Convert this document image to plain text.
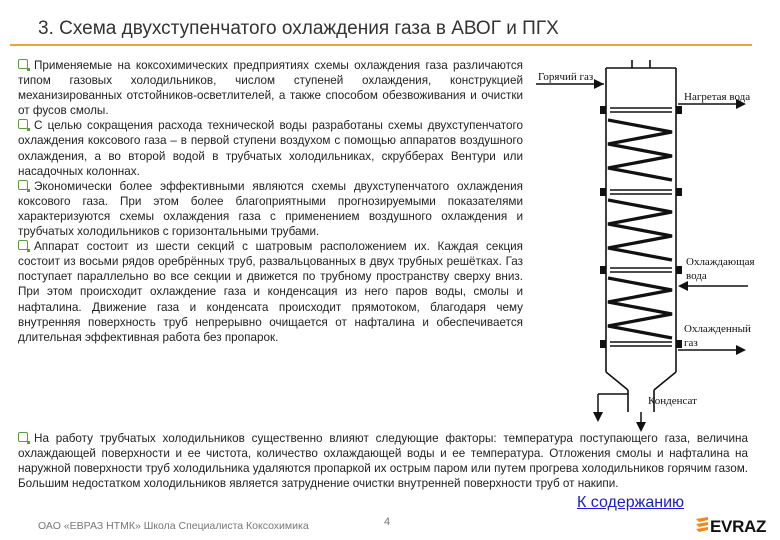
3. Схема двухступенчатого охлаждения газа в АВОГ и ПГХ

Применяемые на коксохимических предприятиях схемы охлаждения газа различаются типом газовых холодильников, числом ступеней охлаждения, конструкцией механизированных отстойников-осветлителей, а также способом обезвоживания и очистки от фусов смолы.

С целью сокращения расхода технической воды разработаны схемы двухступенчатого охлаждения коксового газа – в первой ступени воздухом с помощью аппаратов воздушного охлаждения, а во второй водой в трубчатых холодильниках, скрубберах Вентури или насадочных колоннах.

Экономически более эффективными являются схемы двухступенчатого охлаждения коксового газа. При этом более благоприятными прогнозируемыми показателями характеризуются схемы охлаждения газа с применением воздушного охлаждения и трубчатых холодильников с горизонтальными трубами.

Аппарат состоит из шести секций с шатровым расположением их. Каждая секция состоит из восьми рядов оребрённых труб, развальцованных в двух трубных решётках. Газ поступает параллельно во все секции и движется по трубному пространству сверху вниз. При этом происходит охлаждение газа и конденсация из него паров воды, смолы и нафталина. Движение газа и конденсата происходит прямотоком, благодаря чему внутренняя поверхность труб непрерывно очищается от нафталина и обеспечивается длительная эффективная работа без пропарок.

Горячий газ
Нагретая вода
Охлаждающая вода
Охлажденный газ
Конденсат

На работу трубчатых холодильников существенно влияют следующие факторы: температура поступающего газа, величина охлаждающей поверхности и ее чистота, количество охлаждающей воды и ее температура. Отложения смолы и нафталина на наружной поверхности труб холодильника удаляются пропаркой их острым паром или путем прогрева холодильников горячим газом. Большим недостатком холодильников является затруднение очистки внутренней поверхности труб от накипи.

К содержанию
ОАО «ЕВРАЗ НТМК» Школа Специалиста Коксохимика	4	EVRAZ
